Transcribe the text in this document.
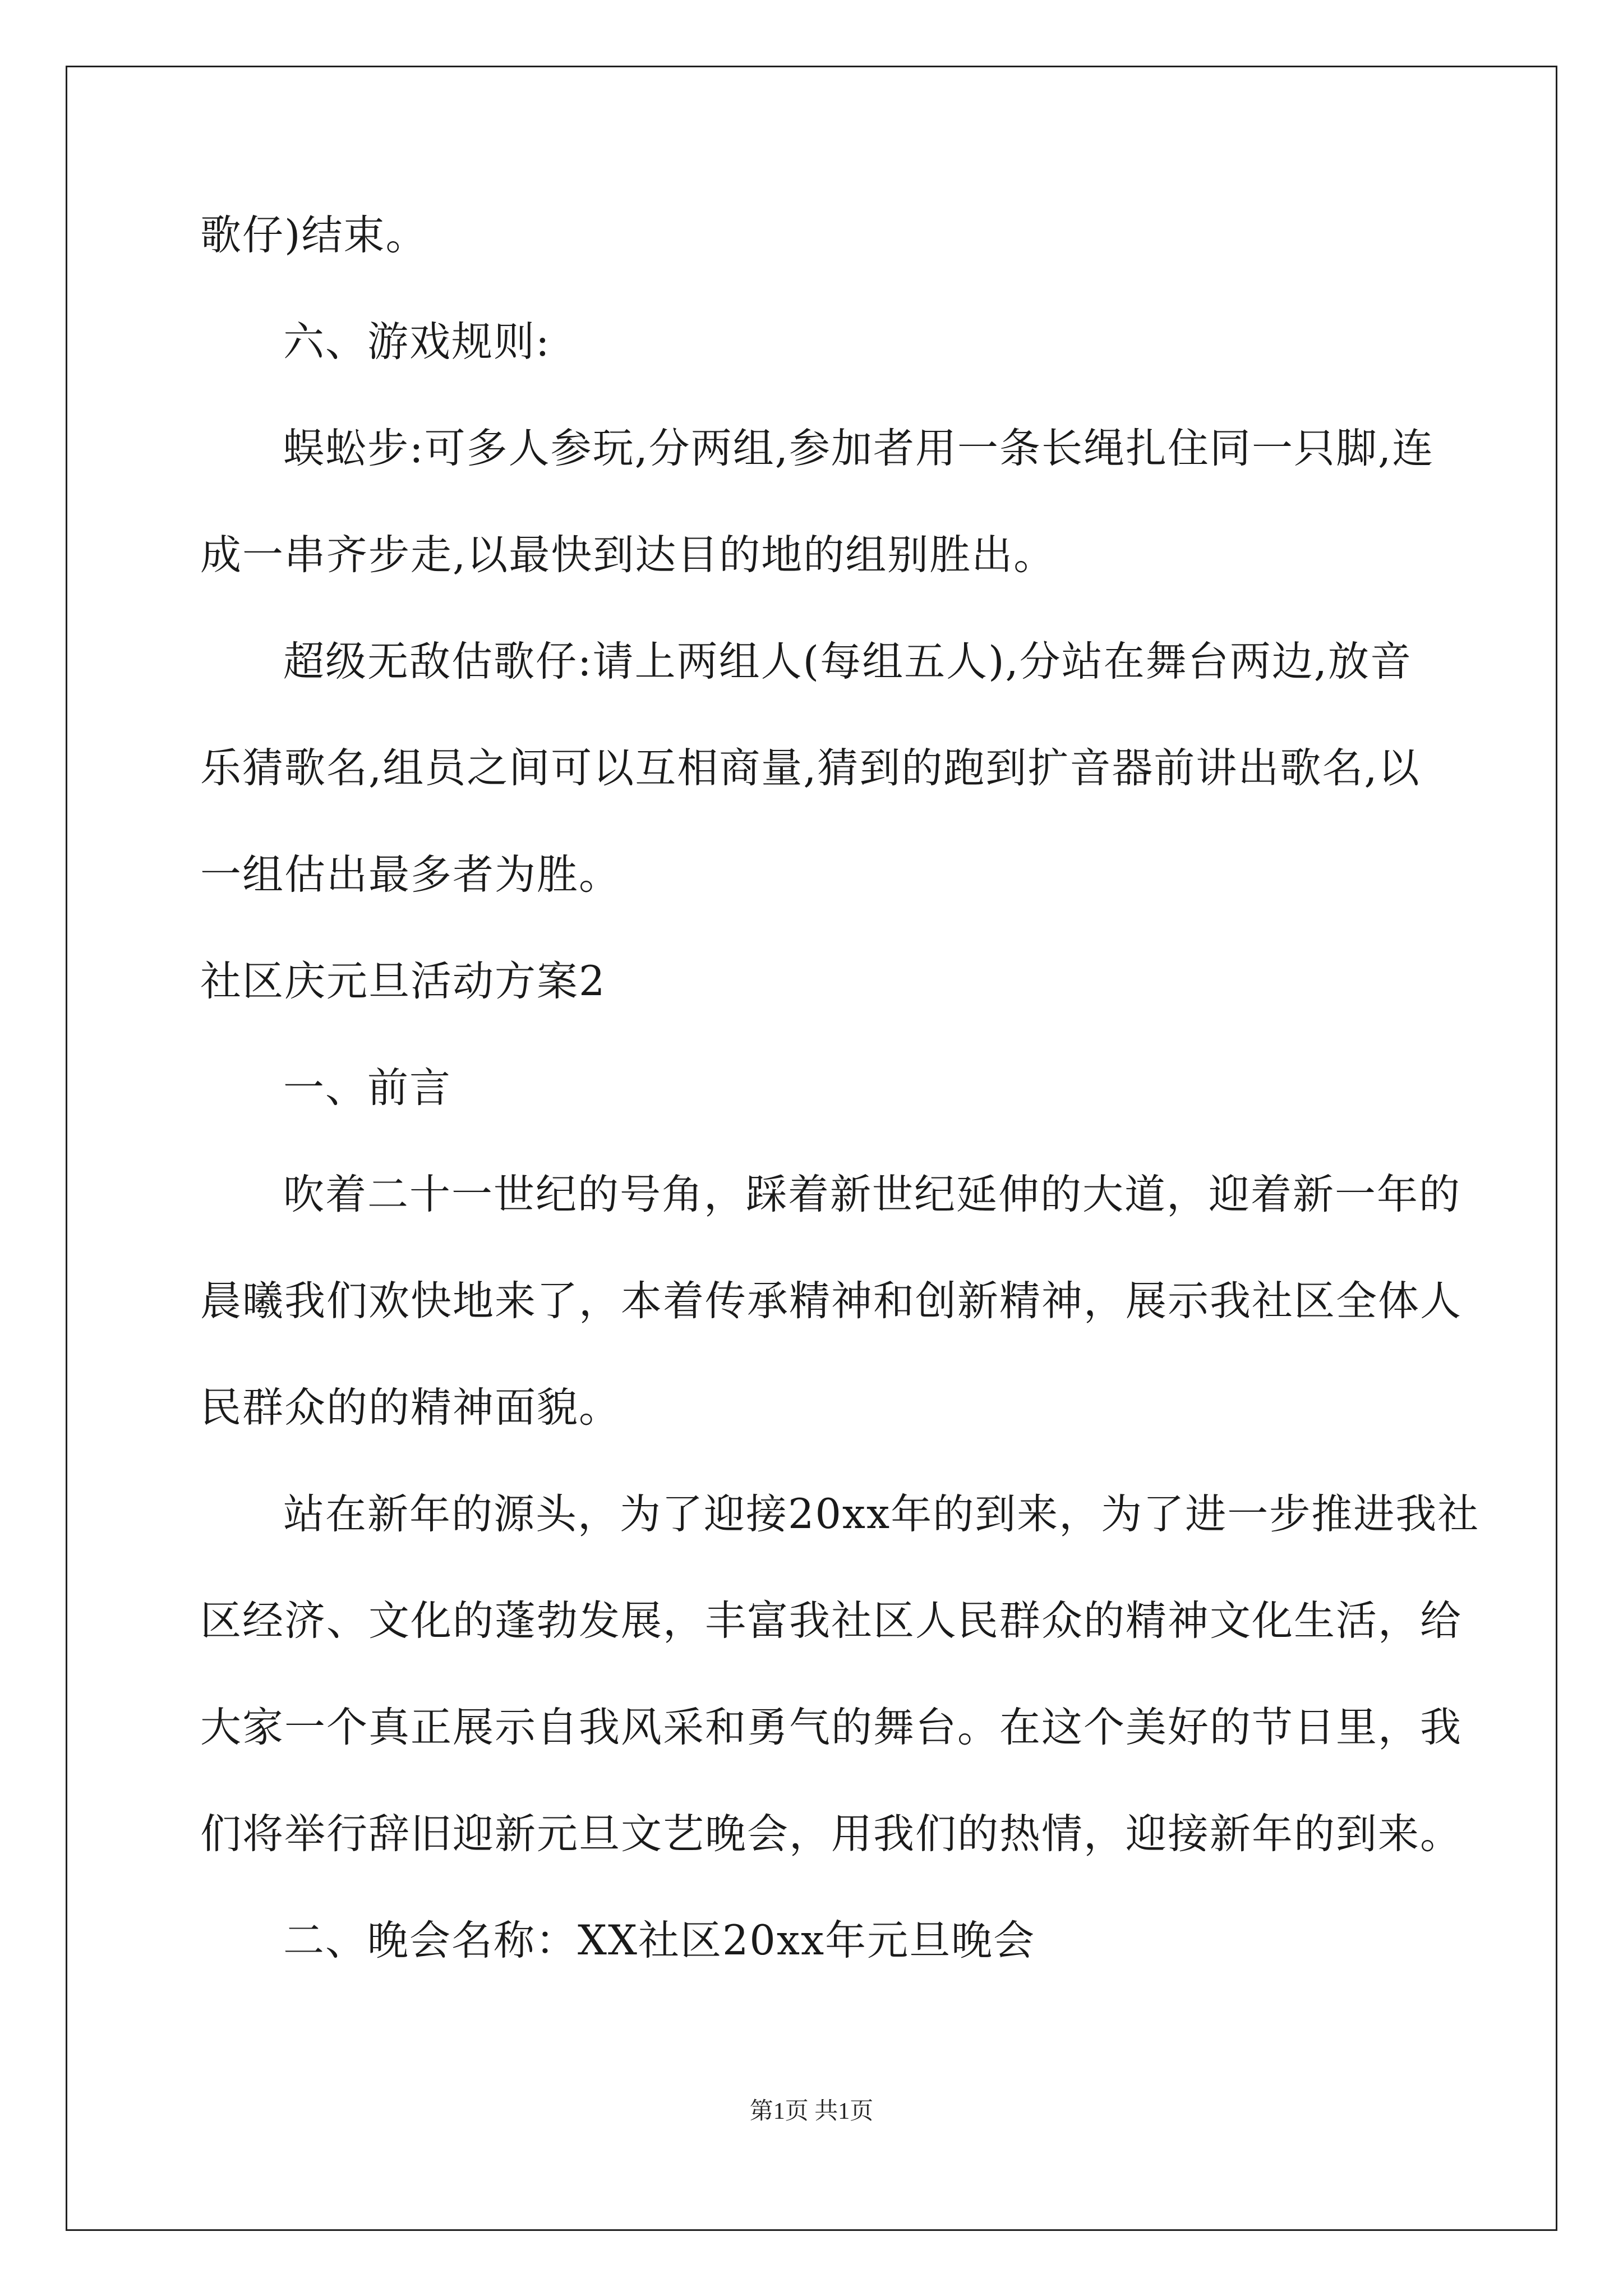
歌仔)结束。
六、游戏规则:
蜈蚣步:可多人参玩,分两组,参加者用一条长绳扎住同一只脚,连
成一串齐步走,以最快到达目的地的组别胜出。
超级无敌估歌仔:请上两组人(每组五人),分站在舞台两边,放音
乐猜歌名,组员之间可以互相商量,猜到的跑到扩音器前讲出歌名,以
一组估出最多者为胜。
社区庆元旦活动方案2
一、前言
吹着二十一世纪的号角，踩着新世纪延伸的大道，迎着新一年的
晨曦我们欢快地来了，本着传承精神和创新精神，展示我社区全体人
民群众的的精神面貌。
站在新年的源头，为了迎接20xx年的到来，为了进一步推进我社
区经济、文化的蓬勃发展，丰富我社区人民群众的精神文化生活，给
大家一个真正展示自我风采和勇气的舞台。在这个美好的节日里，我
们将举行辞旧迎新元旦文艺晚会，用我们的热情，迎接新年的到来。
二、晚会名称：XX社区20xx年元旦晚会
第1页 共1页
